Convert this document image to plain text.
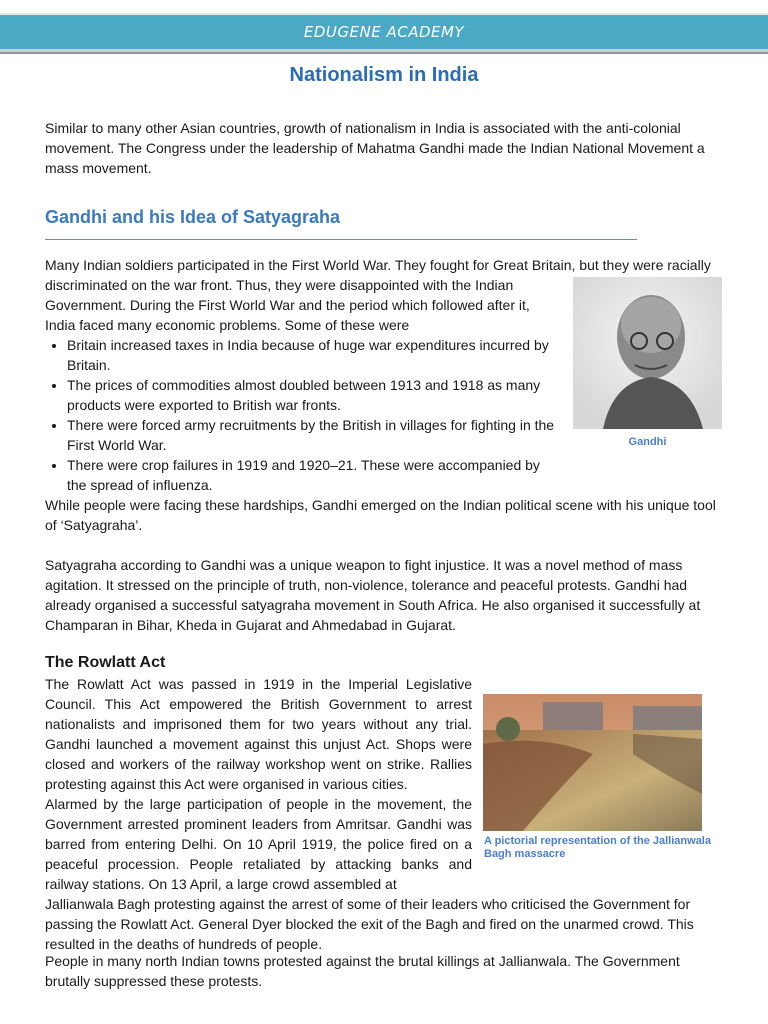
EDUGENE ACADEMY
Nationalism in India
Similar to many other Asian countries, growth of nationalism in India is associated with the anti-colonial movement. The Congress under the leadership of Mahatma Gandhi made the Indian National Movement a mass movement.
Gandhi and his Idea of Satyagraha

Many Indian soldiers participated in the First World War. They fought for Great Britain, but they were racially discriminated on the war front. Thus, they were disappointed with the Indian Government. During the First World War and the period which followed after it, India faced many economic problems. Some of these were

• Britain increased taxes in India because of huge war expenditures incurred by Britain.
• The prices of commodities almost doubled between 1913 and 1918 as many products were exported to British war fronts.
• There were forced army recruitments by the British in villages for fighting in the First World War.
• There were crop failures in 1919 and 1920–21. These were accompanied by the spread of influenza.

While people were facing these hardships, Gandhi emerged on the Indian political scene with his unique tool of ‘Satyagraha’.

Satyagraha according to Gandhi was a unique weapon to fight injustice. It was a novel method of mass agitation. It stressed on the principle of truth, non-violence, tolerance and peaceful protests. Gandhi had already organised a successful satyagraha movement in South Africa. He also organised it successfully at Champaran in Bihar, Kheda in Gujarat and Ahmedabad in Gujarat.

Gandhi
The Rowlatt Act
The Rowlatt Act was passed in 1919 in the Imperial Legislative Council. This Act empowered the British Government to arrest nationalists and imprisoned them for two years without any trial. Gandhi launched a movement against this unjust Act. Shops were closed and workers of the railway workshop went on strike. Rallies protesting against this Act were organised in various cities.
Alarmed by the large participation of people in the movement, the Government arrested prominent leaders from Amritsar. Gandhi was barred from entering Delhi. On 10 April 1919, the police fired on a peaceful procession. People retaliated by attacking banks and railway stations. On 13 April, a large crowd assembled at
Jallianwala Bagh protesting against the arrest of some of their leaders who criticised the Government for passing the Rowlatt Act. General Dyer blocked the exit of the Bagh and fired on the unarmed crowd. This resulted in the deaths of hundreds of people.
People in many north Indian towns protested against the brutal killings at Jallianwala. The Government brutally suppressed these protests.
A pictorial representation of the Jallianwala Bagh massacre
